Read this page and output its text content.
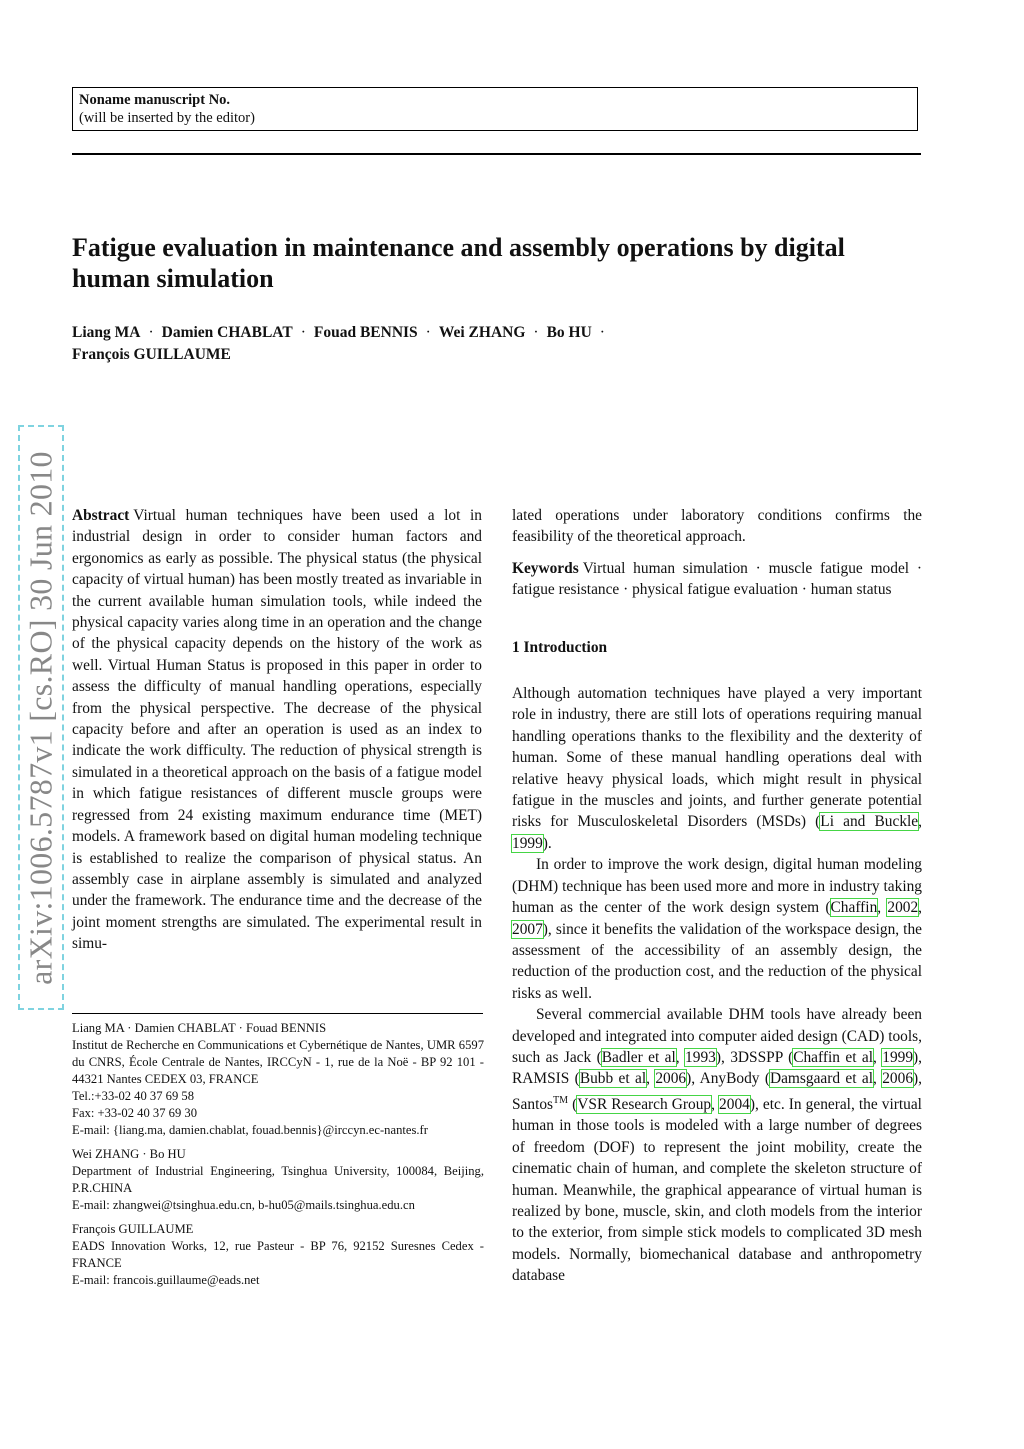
Noname manuscript No.
(will be inserted by the editor)
Fatigue evaluation in maintenance and assembly operations by digital human simulation
Liang MA · Damien CHABLAT · Fouad BENNIS · Wei ZHANG · Bo HU ·
François GUILLAUME
arXiv:1006.5787v1 [cs.RO] 30 Jun 2010 Abstract Virtual human techniques have been used a lot in industrial design in order to consider human factors and ergonomics as early as possible. The physical status (the physical capacity of virtual human) has been mostly treated as invariable in the current available human simulation tools, while indeed the physical capacity varies along time in an operation and the change of the physical capacity depends on the history of the work as well. Virtual Human Status is proposed in this paper in order to assess the difficulty of manual handling operations, especially from the physical perspective. The decrease of the physical capacity before and after an operation is used as an index to indicate the work difficulty. The reduction of physical strength is simulated in a theoretical approach on the basis of a fatigue model in which fatigue resistances of different muscle groups were regressed from 24 existing maximum endurance time (MET) models. A framework based on digital human modeling technique is established to realize the comparison of physical status. An assembly case in airplane assembly is simulated and analyzed under the framework. The endurance time and the decrease of the joint moment strengths are simulated. The experimental result in simu-

Liang MA · Damien CHABLAT · Fouad BENNIS
Institut de Recherche en Communications et Cybernétique de Nantes, UMR 6597 du CNRS, École Centrale de Nantes, IRCCyN - 1, rue de la Noë - BP 92 101 - 44321 Nantes CEDEX 03, FRANCE
Tel.:+33-02 40 37 69 58
Fax: +33-02 40 37 69 30
E-mail: {liang.ma, damien.chablat, fouad.bennis}@irccyn.ec-nantes.fr
Wei ZHANG · Bo HU
Department of Industrial Engineering, Tsinghua University, 100084, Beijing, P.R.CHINA
E-mail: zhangwei@tsinghua.edu.cn, b-hu05@mails.tsinghua.edu.cn
François GUILLAUME
EADS Innovation Works, 12, rue Pasteur - BP 76, 92152 Suresnes Cedex - FRANCE
E-mail: francois.guillaume@eads.net

lated operations under laboratory conditions confirms the feasibility of the theoretical approach.

Keywords Virtual human simulation · muscle fatigue model · fatigue resistance · physical fatigue evaluation · human status

1 Introduction

Although automation techniques have played a very important role in industry, there are still lots of operations requiring manual handling operations thanks to the flexibility and the dexterity of human. Some of these manual handling operations deal with relative heavy physical loads, which might result in physical fatigue in the muscles and joints, and further generate potential risks for Musculoskeletal Disorders (MSDs) (Li and Buckle, 1999).

In order to improve the work design, digital human modeling (DHM) technique has been used more and more in industry taking human as the center of the work design system (Chaffin, 2002, 2007), since it benefits the validation of the workspace design, the assessment of the accessibility of an assembly design, the reduction of the production cost, and the reduction of the physical risks as well.

Several commercial available DHM tools have already been developed and integrated into computer aided design (CAD) tools, such as Jack (Badler et al, 1993), 3DSSPP (Chaffin et al, 1999), RAMSIS (Bubb et al, 2006), AnyBody (Damsgaard et al, 2006), Santos™ (VSR Research Group, 2004), etc. In general, the virtual human in those tools is modeled with a large number of degrees of freedom (DOF) to represent the joint mobility, create the cinematic chain of human, and complete the skeleton structure of human. Meanwhile, the graphical appearance of virtual human is realized by bone, muscle, skin, and cloth models from the interior to the exterior, from simple stick models to complicated 3D mesh models. Normally, biomechanical database and anthropometry database
